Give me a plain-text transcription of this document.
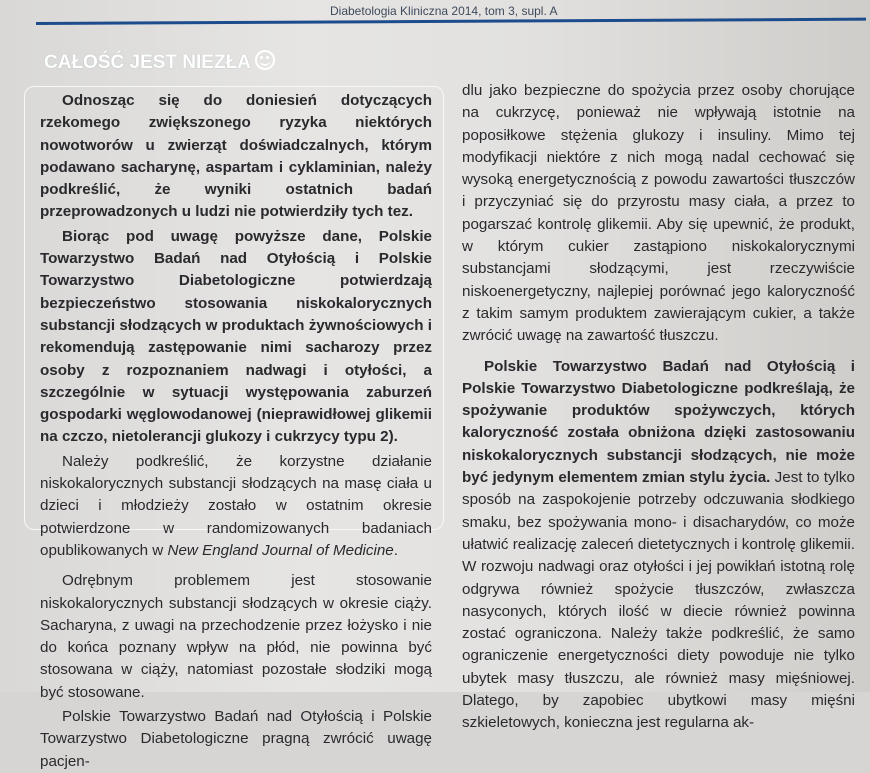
Diabetologia Kliniczna 2014, tom 3, supl. A
CAŁOŚĆ JEST NIEZŁA

Odnosząc się do doniesień dotyczących rzekomego zwiększonego ryzyka niektórych nowotworów u zwierząt doświadczalnych, którym podawano sacharynę, aspartam i cyklaminian, należy podkreślić, że wyniki ostatnich badań przeprowadzonych u ludzi nie potwierdziły tych tez.

Biorąc pod uwagę powyższe dane, Polskie Towarzystwo Badań nad Otyłością i Polskie Towarzystwo Diabetologiczne potwierdzają bezpieczeństwo stosowania niskokalorycznych substancji słodzących w produktach żywnościowych i rekomendują zastępowanie nimi sacharozy przez osoby z rozpoznaniem nadwagi i otyłości, a szczególnie w sytuacji występowania zaburzeń gospodarki węglowodanowej (nieprawidłowej glikemii na czczo, nietolerancji glukozy i cukrzycy typu 2).

Należy podkreślić, że korzystne działanie niskokalorycznych substancji słodzących na masę ciała u dzieci i młodzieży zostało w ostatnim okresie potwierdzone w randomizowanych badaniach opublikowanych w New England Journal of Medicine.

Odrębnym problemem jest stosowanie niskokalorycznych substancji słodzących w okresie ciąży. Sacharyna, z uwagi na przechodzenie przez łożysko i nie do końca poznany wpływ na płód, nie powinna być stosowana w ciąży, natomiast pozostałe słodziki mogą być stosowane.

Polskie Towarzystwo Badań nad Otyłością i Polskie Towarzystwo Diabetologiczne pragną zwrócić uwagę pacjen-

dlu jako bezpieczne do spożycia przez osoby chorujące na cukrzycę, ponieważ nie wpływają istotnie na poposiłkowe stężenia glukozy i insuliny. Mimo tej modyfikacji niektóre z nich mogą nadal cechować się wysoką energetycznością z powodu zawartości tłuszczów i przyczyniać się do przyrostu masy ciała, a przez to pogarszać kontrolę glikemii. Aby się upewnić, że produkt, w którym cukier zastąpiono niskokalorycznymi substancjami słodzącymi, jest rzeczywiście niskoenergetyczny, najlepiej porównać jego kaloryczność z takim samym produktem zawierającym cukier, a także zwrócić uwagę na zawartość tłuszczu.

Polskie Towarzystwo Badań nad Otyłością i Polskie Towarzystwo Diabetologiczne podkreślają, że spożywanie produktów spożywczych, których kaloryczność została obniżona dzięki zastosowaniu niskokalorycznych substancji słodzących, nie może być jedynym elementem zmian stylu życia. Jest to tylko sposób na zaspokojenie potrzeby odczuwania słodkiego smaku, bez spożywania mono- i disacharydów, co może ułatwić realizację zaleceń dietetycznych i kontrolę glikemii. W rozwoju nadwagi oraz otyłości i jej powikłań istotną rolę odgrywa również spożycie tłuszczów, zwłaszcza nasyconych, których ilość w diecie również powinna zostać ograniczona. Należy także podkreślić, że samo ograniczenie energetyczności diety powoduje nie tylko ubytek masy tłuszczu, ale również masy mięśniowej. Dlatego, by zapobiec ubytkowi masy mięśni szkieletowych, konieczna jest regularna ak-
